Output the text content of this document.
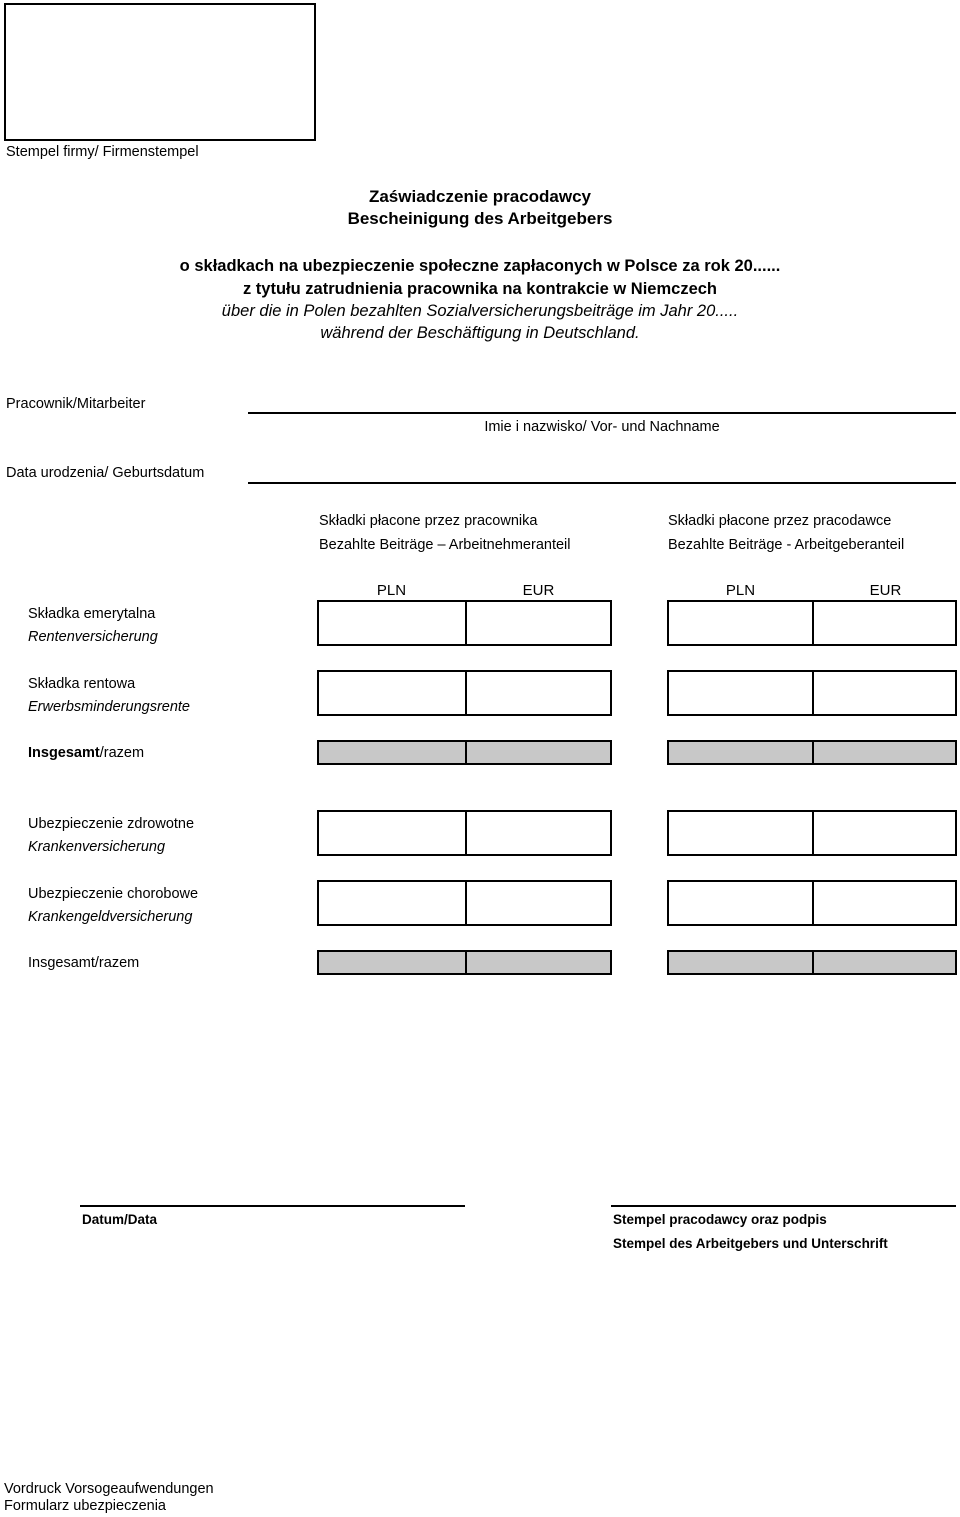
Stempel firmy/ Firmenstempel
Zaświadczenie pracodawcy
Bescheinigung des Arbeitgebers
o składkach na ubezpieczenie społeczne zapłaconych w Polsce za rok 20......
z tytułu zatrudnienia pracownika na kontrakcie w Niemczech
über die in Polen bezahlten Sozialversicherungsbeiträge im Jahr 20.....
während der Beschäftigung in Deutschland.
Pracownik/Mitarbeiter
Imie i nazwisko/ Vor- und Nachname
Data urodzenia/ Geburtsdatum
Składki płacone przez pracownika
Bezahlte Beiträge – Arbeitnehmeranteil
Składki płacone przez pracodawce
Bezahlte Beiträge - Arbeitgeberanteil
PLN	EUR	PLN	EUR
Składka emerytalna
Rentenversicherung
Składka rentowa
Erwerbsminderungsrente
Insgesamt/razem
Ubezpieczenie zdrowotne
Krankenversicherung
Ubezpieczenie chorobowe
Krankengeldversicherung
Insgesamt/razem
Datum/Data	Stempel pracodawcy oraz podpis
Stempel des Arbeitgebers und Unterschrift
Vordruck Vorsogeaufwendungen
Formularz ubezpieczenia
